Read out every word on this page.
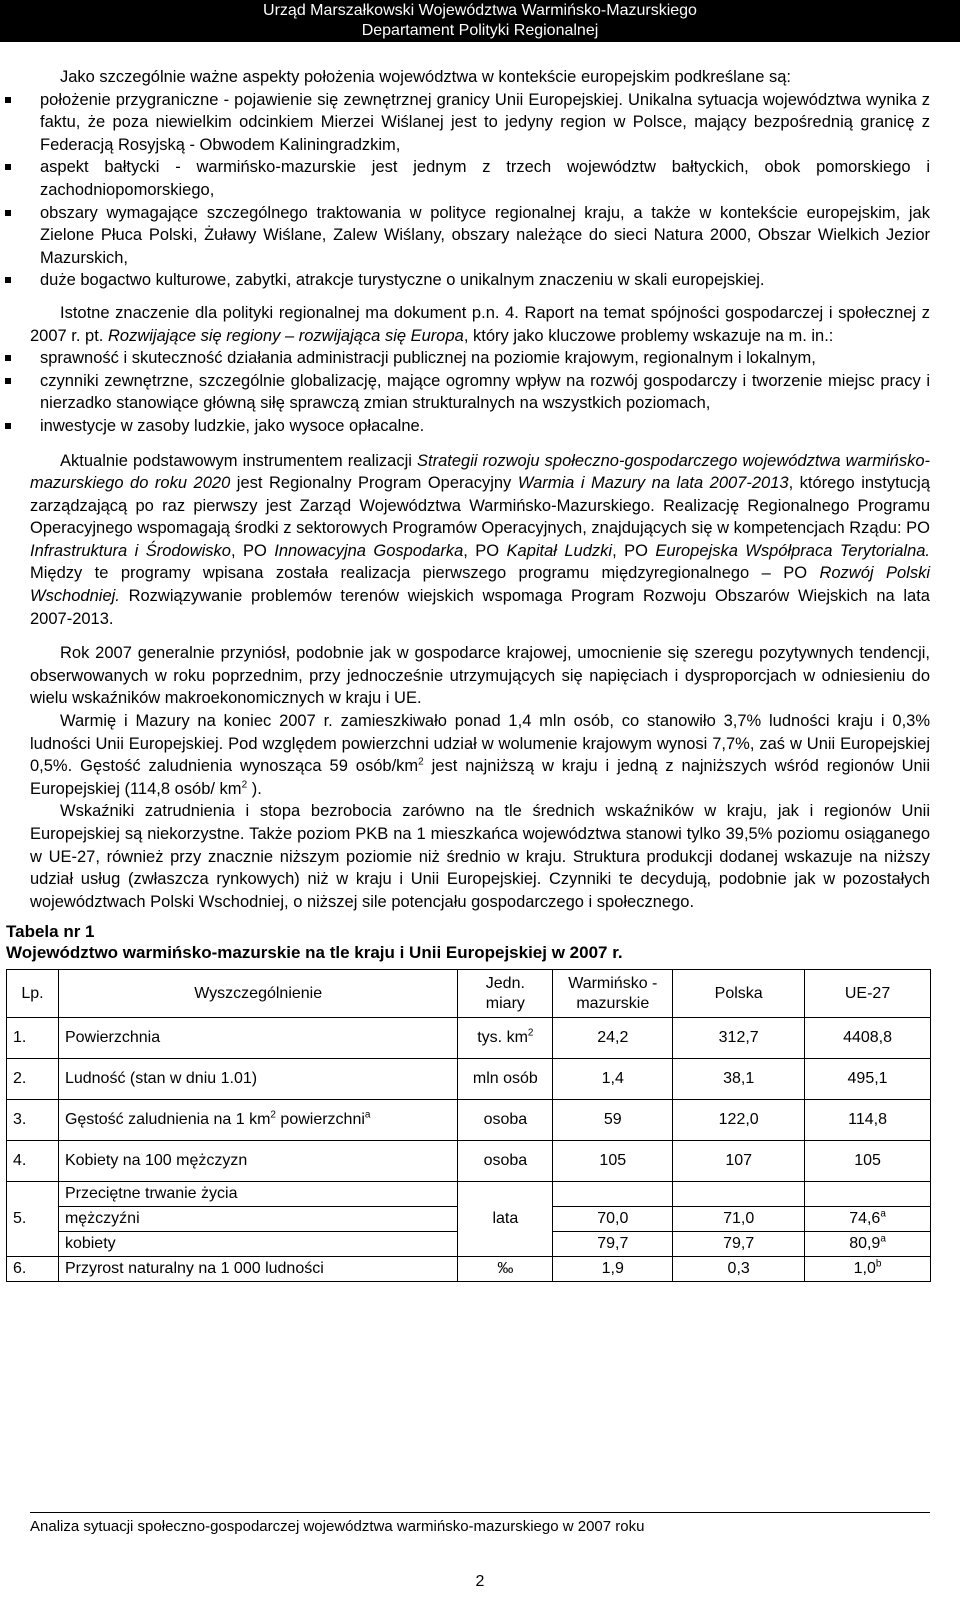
Urząd Marszałkowski Województwa Warmińsko-Mazurskiego
Departament Polityki Regionalnej

Jako szczególnie ważne aspekty położenia województwa w kontekście europejskim podkreślane są:

położenie przygraniczne - pojawienie się zewnętrznej granicy Unii Europejskiej. Unikalna sytuacja województwa wynika z faktu, że poza niewielkim odcinkiem Mierzei Wiślanej jest to jedyny region w Polsce, mający bezpośrednią granicę z Federacją Rosyjską - Obwodem Kaliningradzkim,
aspekt bałtycki - warmińsko-mazurskie jest jednym z trzech województw bałtyckich, obok pomorskiego i zachodniopomorskiego,
obszary wymagające szczególnego traktowania w polityce regionalnej kraju, a także w kontekście europejskim, jak Zielone Płuca Polski, Żuławy Wiślane, Zalew Wiślany, obszary należące do sieci Natura 2000, Obszar Wielkich Jezior Mazurskich,
duże bogactwo kulturowe, zabytki, atrakcje turystyczne o unikalnym znaczeniu w skali europejskiej.

Istotne znaczenie dla polityki regionalnej ma dokument p.n. 4. Raport na temat spójności gospodarczej i społecznej z 2007 r. pt. Rozwijające się regiony – rozwijająca się Europa, który jako kluczowe problemy wskazuje na m. in.:

sprawność i skuteczność działania administracji publicznej na poziomie krajowym, regionalnym i lokalnym,
czynniki zewnętrzne, szczególnie globalizację, mające ogromny wpływ na rozwój gospodarczy i tworzenie miejsc pracy i nierzadko stanowiące główną siłę sprawczą zmian strukturalnych na wszystkich poziomach,
inwestycje w zasoby ludzkie, jako wysoce opłacalne.

Aktualnie podstawowym instrumentem realizacji Strategii rozwoju społeczno-gospodarczego województwa warmińsko-mazurskiego do roku 2020 jest Regionalny Program Operacyjny Warmia i Mazury na lata 2007-2013, którego instytucją zarządzającą po raz pierwszy jest Zarząd Województwa Warmińsko-Mazurskiego. Realizację Regionalnego Programu Operacyjnego wspomagają środki z sektorowych Programów Operacyjnych, znajdujących się w kompetencjach Rządu: PO Infrastruktura i Środowisko, PO Innowacyjna Gospodarka, PO Kapitał Ludzki, PO Europejska Współpraca Terytorialna. Między te programy wpisana została realizacja pierwszego programu międzyregionalnego – PO Rozwój Polski Wschodniej. Rozwiązywanie problemów terenów wiejskich wspomaga Program Rozwoju Obszarów Wiejskich na lata 2007-2013.

Rok 2007 generalnie przyniósł, podobnie jak w gospodarce krajowej, umocnienie się szeregu pozytywnych tendencji, obserwowanych w roku poprzednim, przy jednocześnie utrzymujących się napięciach i dysproporcjach w odniesieniu do wielu wskaźników makroekonomicznych w kraju i UE.

Warmię i Mazury na koniec 2007 r. zamieszkiwało ponad 1,4 mln osób, co stanowiło 3,7% ludności kraju i 0,3% ludności Unii Europejskiej. Pod względem powierzchni udział w wolumenie krajowym wynosi 7,7%, zaś w Unii Europejskiej 0,5%. Gęstość zaludnienia wynosząca 59 osób/$km^2$ jest najniższą w kraju i jedną z najniższych wśród regionów Unii Europejskiej (114,8 osób/ $km^2$ ).

Wskaźniki zatrudnienia i stopa bezrobocia zarówno na tle średnich wskaźników w kraju, jak i regionów Unii Europejskiej są niekorzystne. Także poziom PKB na 1 mieszkańca województwa stanowi tylko 39,5% poziomu osiąganego w UE-27, również przy znacznie niższym poziomie niż średnio w kraju. Struktura produkcji dodanej wskazuje na niższy udział usług (zwłaszcza rynkowych) niż w kraju i Unii Europejskiej. Czynniki te decydują, podobnie jak w pozostałych województwach Polski Wschodniej, o niższej sile potencjału gospodarczego i społecznego.

Tabela nr 1

Województwo warmińsko-mazurskie na tle kraju i Unii Europejskiej w 2007 r.

Lp.	Wyszczególnienie	Jedn. miary	Warmińsko - mazurskie	Polska	UE-27
1.	Powierzchnia	tys. $km^2$	24,2	312,7	4408,8
2.	Ludność (stan w dniu 1.01)	mln osób	1,4	38,1	495,1
3.	Gęstość zaludnienia na 1 $km^2$ powierzchni$^a$	osoba	59	122,0	114,8
4.	Kobiety na 100 mężczyzn	osoba	105	107	105
5.	Przeciętne trwanie życia	lata			
	mężczyźni		70,0	71,0	74,6$^a$
	kobiety		79,7	79,7	80,9$^a$
6.	Przyrost naturalny na 1 000 ludności	‰	1,9	0,3	1,0$^b$
Analiza sytuacji społeczno-gospodarczej województwa warmińsko-mazurskiego w 2007 roku
2
